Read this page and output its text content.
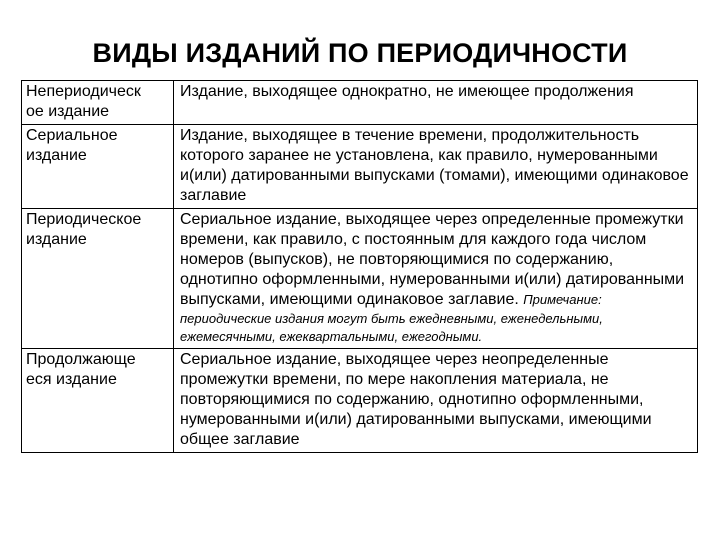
ВИДЫ ИЗДАНИЙ ПО ПЕРИОДИЧНОСТИ
Непериодическ
ое издание	Издание, выходящее однократно, не имеющее продолжения
Сериальное
издание	Издание, выходящее в течение времени, продолжительность которого заранее не установлена, как правило, нумерованными и(или) датированными выпусками (томами), имеющими одинаковое заглавие
Периодическое
издание	Сериальное издание, выходящее через определенные промежутки времени, как правило, с постоянным для каждого года числом номеров (выпусков), не повторяющимися по содержанию, однотипно оформленными, нумерованными и(или) датированными выпусками, имеющими одинаковое заглавие. Примечание:
периодические издания могут быть ежедневными, еженедельными, ежемесячными, ежеквартальными, ежегодными.

Продолжающе
еся издание	Сериальное издание, выходящее через неопределенные промежутки времени, по мере накопления материала, не повторяющимися по содержанию, однотипно оформленными, нумерованными и(или) датированными выпусками, имеющими общее заглавие
